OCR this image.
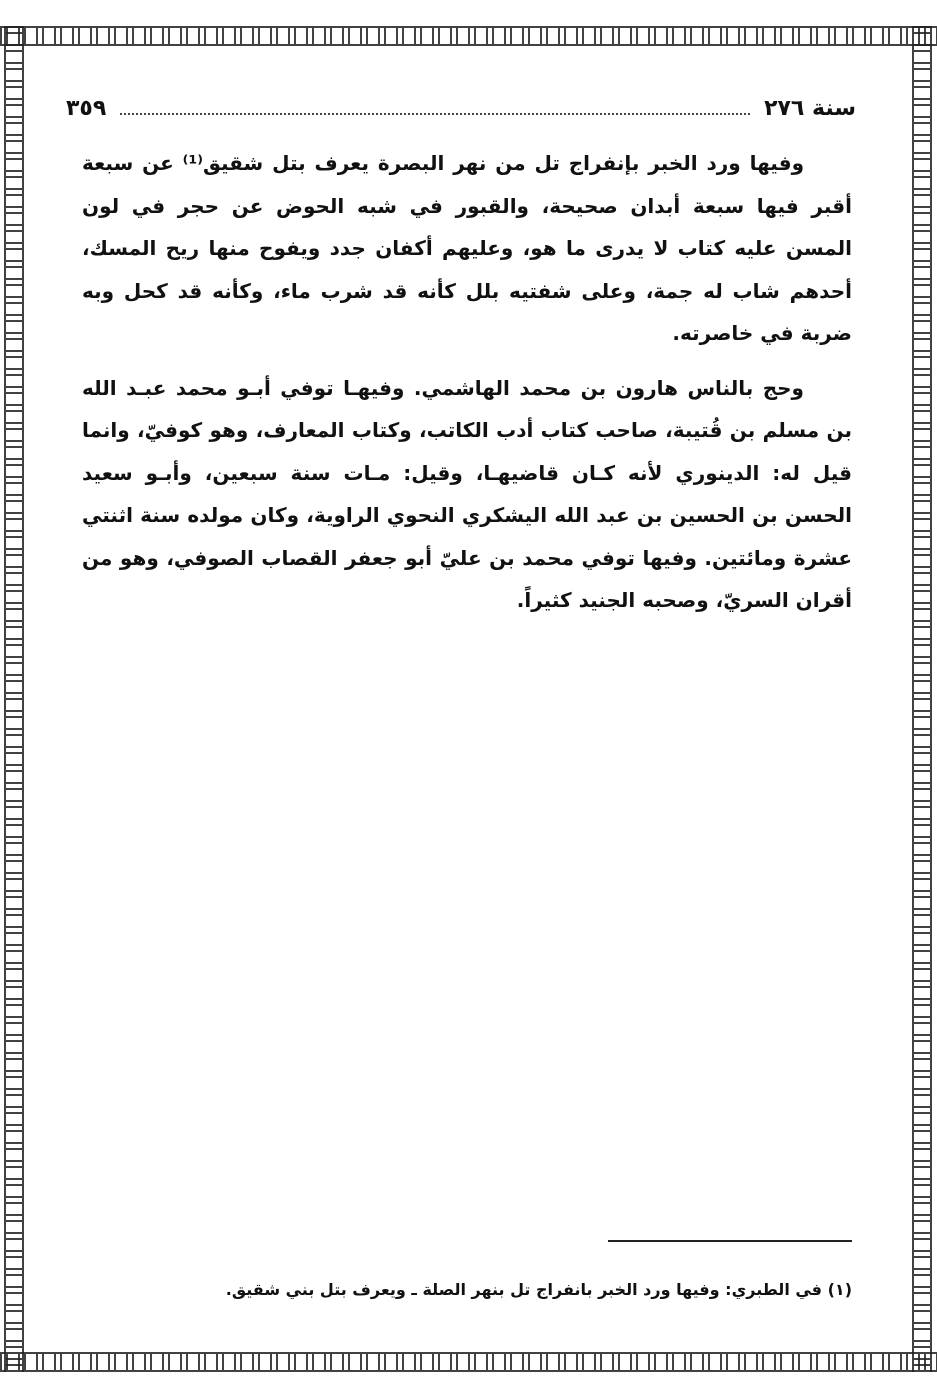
سنة ٢٧٦
٣٥٩

وفيها ورد الخبر بإنفراج تل من نهر البصرة يعرف بتل شقيق⁽¹⁾ عن سبعة أقبر فيها سبعة أبدان صحيحة، والقبور في شبه الحوض عن حجر في لون المسن عليه كتاب لا يدرى ما هو، وعليهم أكفان جدد ويفوح منها ريح المسك، أحدهم شاب له جمة، وعلى شفتيه بلل كأنه قد شرب ماء، وكأنه قد كحل وبه ضربة في خاصرته.

وحج بالناس هارون بن محمد الهاشمي. وفيهـا توفي أبـو محمد عبـد الله بن مسلم بن قُتيبة، صاحب كتاب أدب الكاتب، وكتاب المعارف، وهو كوفيّ، وانما قيل له: الدينوري لأنه كـان قاضيهـا، وقيل: مـات سنة سبعين، وأبـو سعيد الحسن بن الحسين بن عبد الله اليشكري النحوي الراوية، وكان مولده سنة اثنتي عشرة ومائتين. وفيها توفي محمد بن عليّ أبو جعفر القصاب الصوفي، وهو من أقران السريّ، وصحبه الجنيد كثيراً.

(١) في الطبري: وفيها ورد الخبر بانفراج تل بنهر الصلة ـ ويعرف بتل بني شقيق.
